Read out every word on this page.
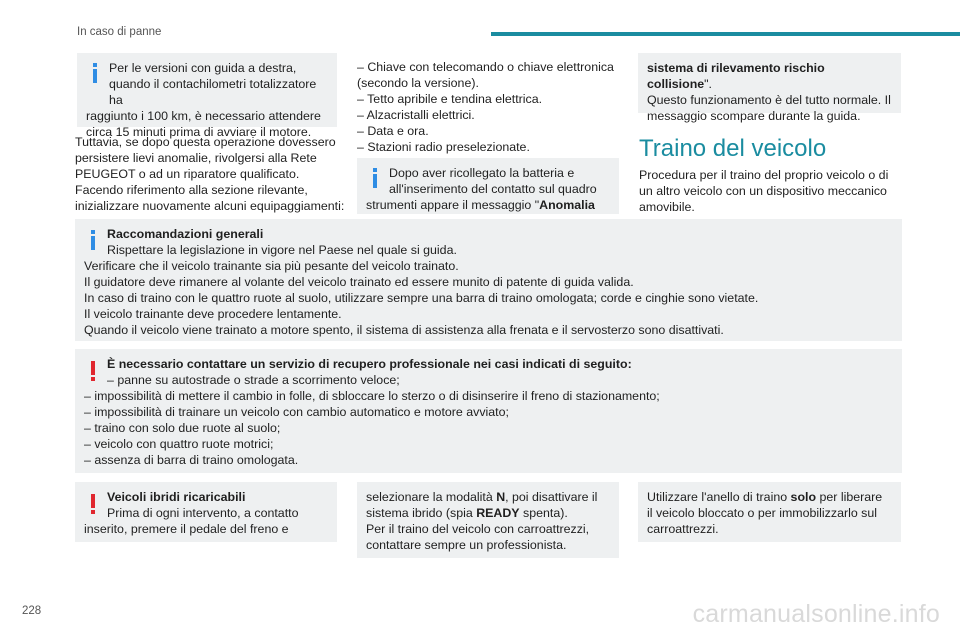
In caso di panne

Per le versioni con guida a destra,

quando il contachilometri totalizzatore ha

raggiunto i 100 km, è necessario attendere

circa 15 minuti prima di avviare il motore.

Tuttavia, se dopo questa operazione dovessero

persistere lievi anomalie, rivolgersi alla Rete

PEUGEOT o ad un riparatore qualificato.

Facendo riferimento alla sezione rilevante,

inizializzare nuovamente alcuni equipaggiamenti:

– Chiave con telecomando o chiave elettronica

(secondo la versione).

– Tetto apribile e tendina elettrica.

– Alzacristalli elettrici.

– Data e ora.

– Stazioni radio preselezionate.

Dopo aver ricollegato la batteria e

all'inserimento del contatto sul quadro

strumenti appare il messaggio "Anomalia

sistema di rilevamento rischio collisione".

Questo funzionamento è del tutto normale. Il

messaggio scompare durante la guida.

Traino del veicolo

Procedura per il traino del proprio veicolo o di

un altro veicolo con un dispositivo meccanico

amovibile.

Raccomandazioni generali

Rispettare la legislazione in vigore nel Paese nel quale si guida.

Verificare che il veicolo trainante sia più pesante del veicolo trainato.

Il guidatore deve rimanere al volante del veicolo trainato ed essere munito di patente di guida valida.

In caso di traino con le quattro ruote al suolo, utilizzare sempre una barra di traino omologata; corde e cinghie sono vietate.

Il veicolo trainante deve procedere lentamente.

Quando il veicolo viene trainato a motore spento, il sistema di assistenza alla frenata e il servosterzo sono disattivati.

È necessario contattare un servizio di recupero professionale nei casi indicati di seguito:

– panne su autostrade o strade a scorrimento veloce;

– impossibilità di mettere il cambio in folle, di sbloccare lo sterzo o di disinserire il freno di stazionamento;

– impossibilità di trainare un veicolo con cambio automatico e motore avviato;

– traino con solo due ruote al suolo;

– veicolo con quattro ruote motrici;

– assenza di barra di traino omologata.

Veicoli ibridi ricaricabili

Prima di ogni intervento, a contatto

inserito, premere il pedale del freno e

selezionare la modalità N, poi disattivare il

sistema ibrido (spia READY spenta).

Per il traino del veicolo con carroattrezzi,

contattare sempre un professionista.

Utilizzare l'anello di traino solo per liberare

il veicolo bloccato o per immobilizzarlo sul

carroattrezzi.

228	carmanualsonline.info
